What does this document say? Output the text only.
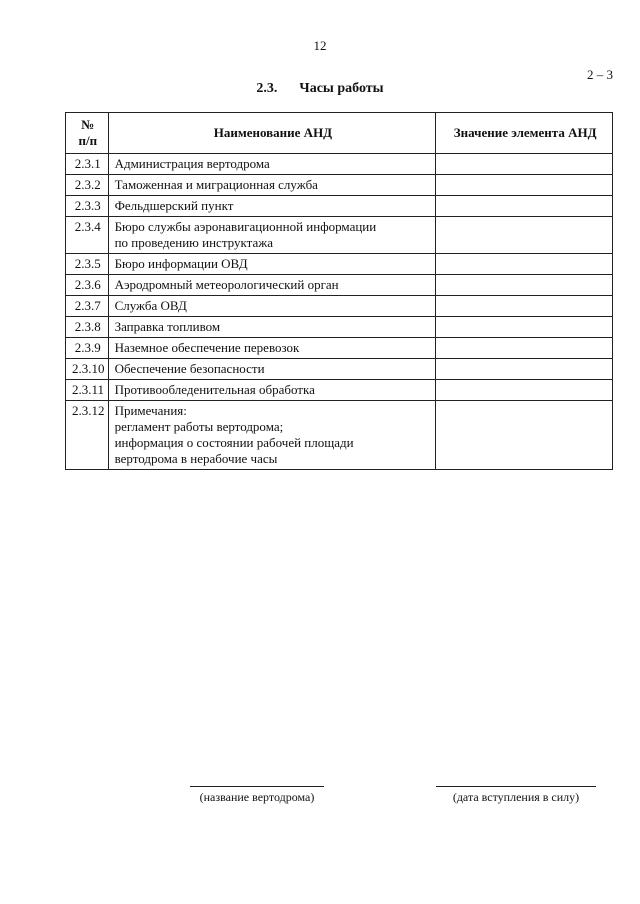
12
2 – 3
2.3. Часы работы
№
п/п	Наименование АНД	Значение элемента АНД
2.3.1	Администрация вертодрома	
2.3.2	Таможенная и миграционная служба	
2.3.3	Фельдшерский пункт	
2.3.4	Бюро службы аэронавигационной информации
по проведению инструктажа	
2.3.5	Бюро информации ОВД	
2.3.6	Аэродромный метеорологический орган	
2.3.7	Служба ОВД	
2.3.8	Заправка топливом	
2.3.9	Наземное обеспечение перевозок	
2.3.10	Обеспечение безопасности	
2.3.11	Противообледенительная обработка	
2.3.12	Примечания:
регламент работы вертодрома;
информация о состоянии рабочей площади
вертодрома в нерабочие часы	
(название вертодрома)	(дата вступления в силу)
